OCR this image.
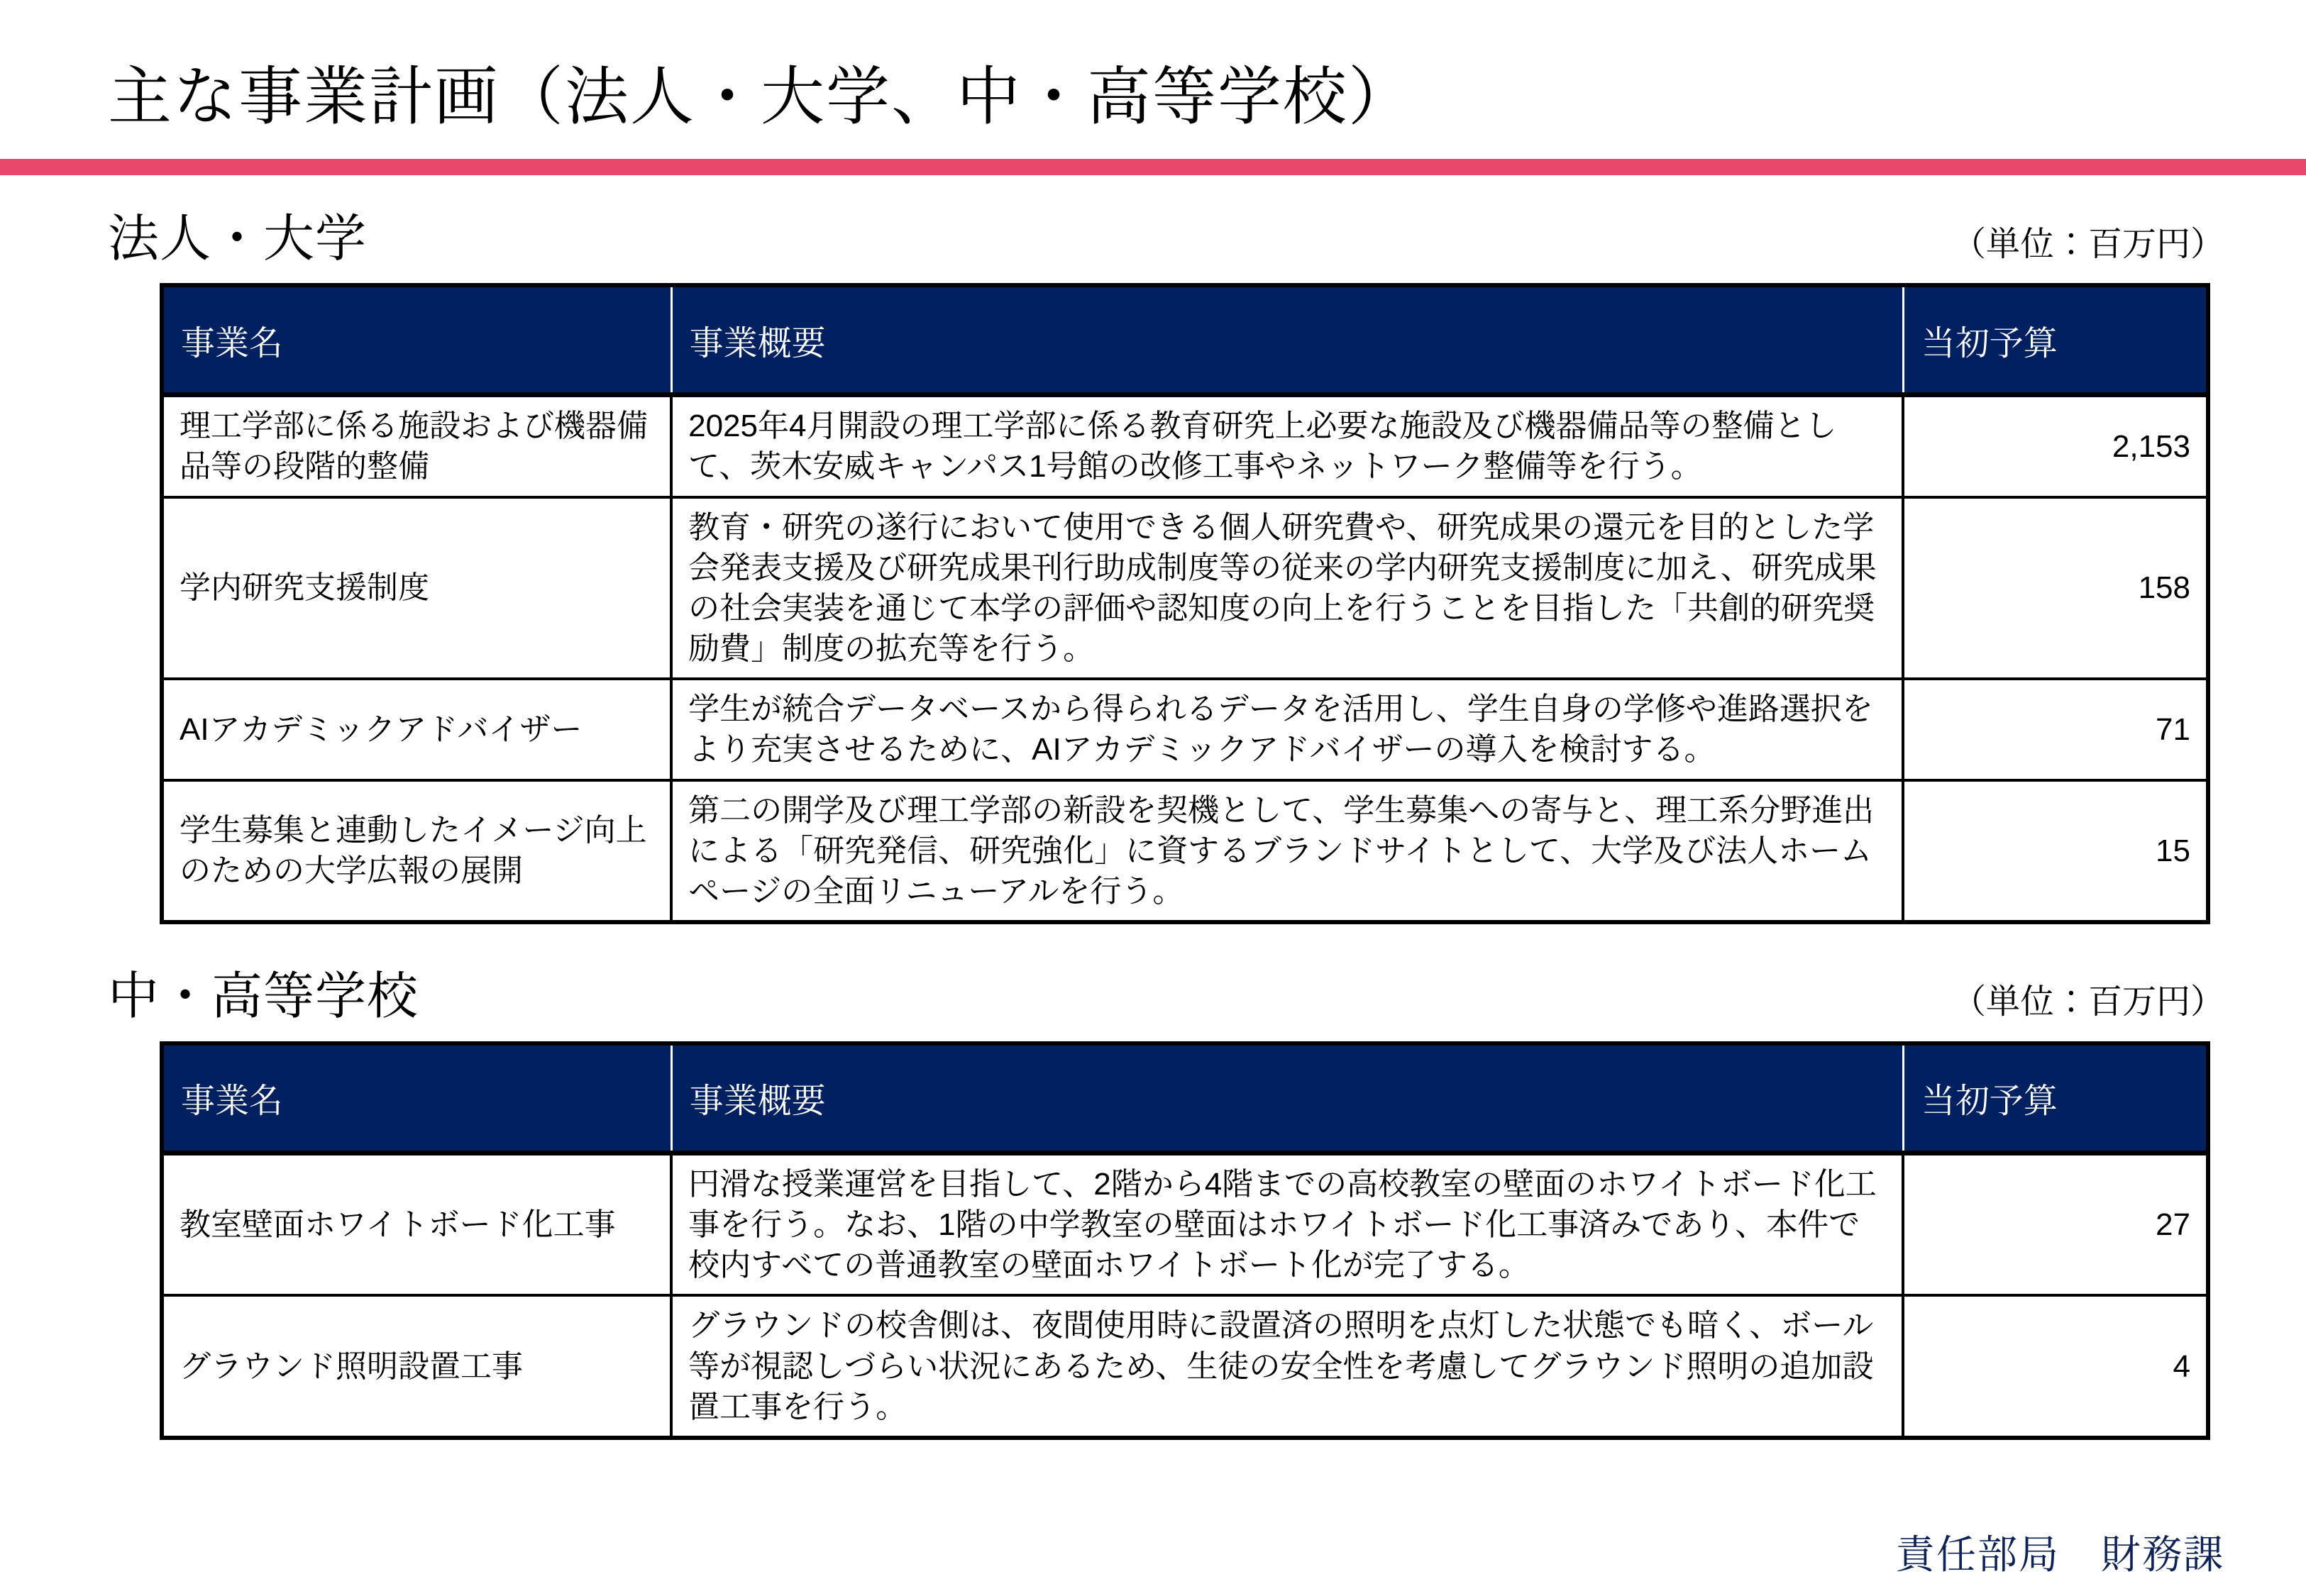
主な事業計画（法人・大学、中・高等学校）
法人・大学	（単位：百万円）
事業名	事業概要	当初予算
理工学部に係る施設および機器備品等の段階的整備	2025年4月開設の理工学部に係る教育研究上必要な施設及び機器備品等の整備として、茨木安威キャンパス1号館の改修工事やネットワーク整備等を行う。	2,153
学内研究支援制度	教育・研究の遂行において使用できる個人研究費や、研究成果の還元を目的とした学会発表支援及び研究成果刊行助成制度等の従来の学内研究支援制度に加え、研究成果の社会実装を通じて本学の評価や認知度の向上を行うことを目指した「共創的研究奨励費」制度の拡充等を行う。	158
AIアカデミックアドバイザー	学生が統合データベースから得られるデータを活用し、学生自身の学修や進路選択をより充実させるために、AIアカデミックアドバイザーの導入を検討する。	71
学生募集と連動したイメージ向上のための大学広報の展開	第二の開学及び理工学部の新設を契機として、学生募集への寄与と、理工系分野進出による「研究発信、研究強化」に資するブランドサイトとして、大学及び法人ホームページの全面リニューアルを行う。	15
中・高等学校	（単位：百万円）
事業名	事業概要	当初予算
教室壁面ホワイトボード化工事	円滑な授業運営を目指して、2階から4階までの高校教室の壁面のホワイトボード化工事を行う。なお、1階の中学教室の壁面はホワイトボード化工事済みであり、本件で校内すべての普通教室の壁面ホワイトボート化が完了する。	27
グラウンド照明設置工事	グラウンドの校舎側は、夜間使用時に設置済の照明を点灯した状態でも暗く、ボール等が視認しづらい状況にあるため、生徒の安全性を考慮してグラウンド照明の追加設置工事を行う。	4
責任部局　財務課
